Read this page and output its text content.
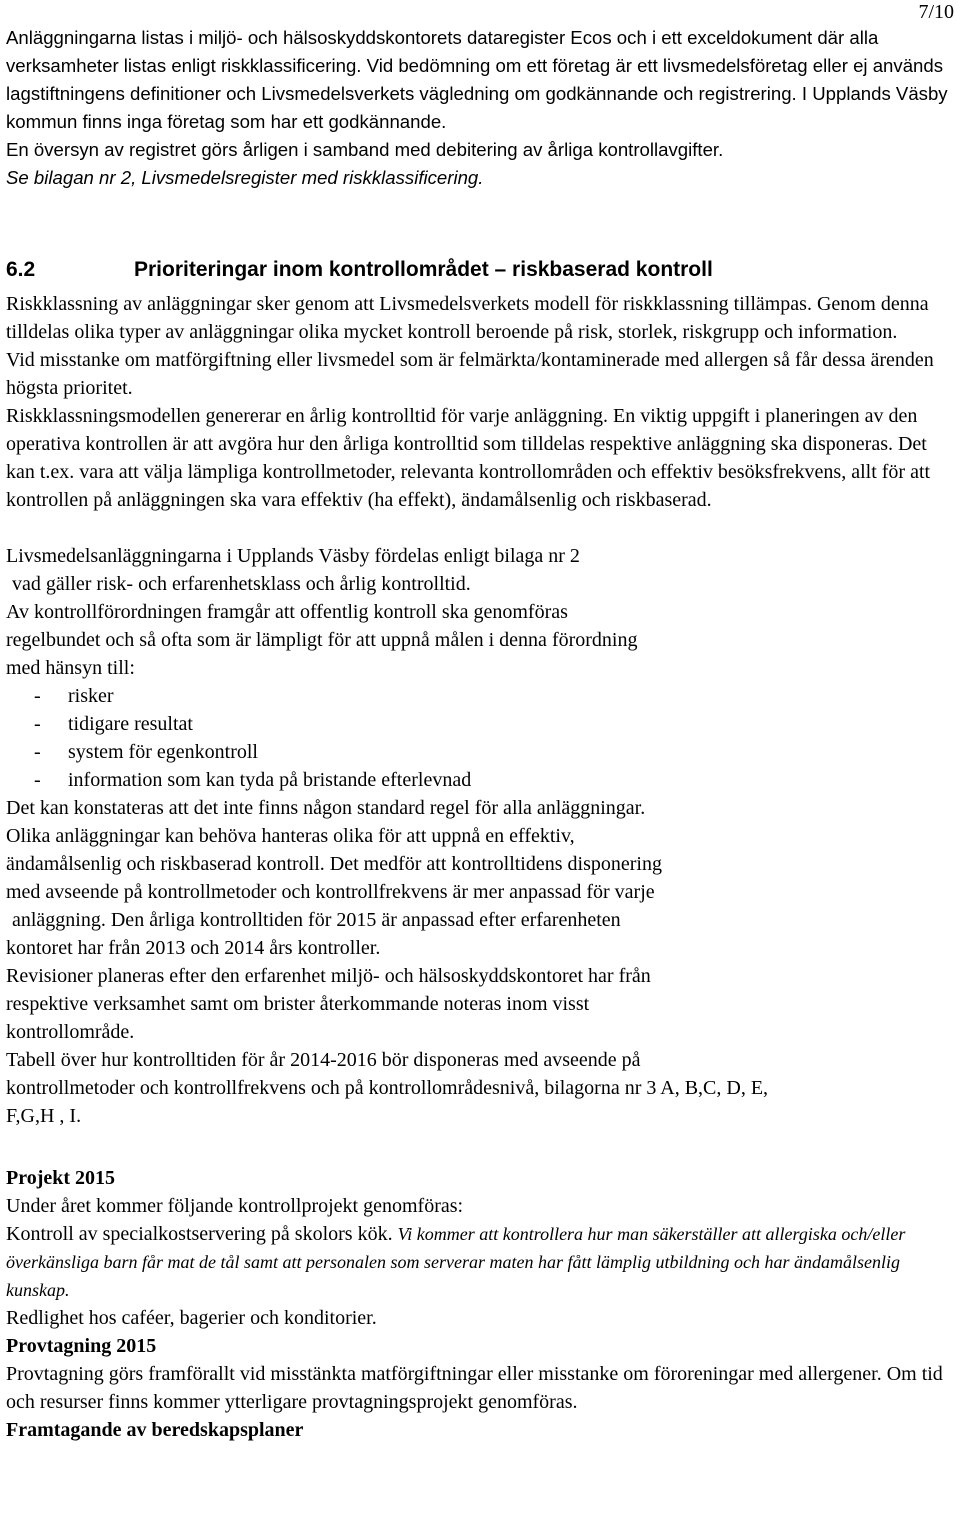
7/10

Anläggningarna listas i miljö- och hälsoskyddskontorets dataregister Ecos och i ett exceldokument där alla verksamheter listas enligt riskklassificering. Vid bedömning om ett företag är ett livsmedelsföretag eller ej används lagstiftningens definitioner och Livsmedelsverkets vägledning om godkännande och registrering. I Upplands Väsby kommun finns inga företag som har ett godkännande.

En översyn av registret görs årligen i samband med debitering av årliga kontrollavgifter.

Se bilagan nr 2, Livsmedelsregister med riskklassificering.

6.2	Prioriteringar inom kontrollområdet – riskbaserad kontroll

Riskklassning av anläggningar sker genom att Livsmedelsverkets modell för riskklassning tillämpas. Genom denna tilldelas olika typer av anläggningar olika mycket kontroll beroende på risk, storlek, riskgrupp och information.

Vid misstanke om matförgiftning eller livsmedel som är felmärkta/kontaminerade med allergen så får dessa ärenden högsta prioritet.

Riskklassningsmodellen genererar en årlig kontrolltid för varje anläggning. En viktig uppgift i planeringen av den operativa kontrollen är att avgöra hur den årliga kontrolltid som tilldelas respektive anläggning ska disponeras. Det kan t.ex. vara att välja lämpliga kontrollmetoder, relevanta kontrollområden och effektiv besöksfrekvens, allt för att kontrollen på anläggningen ska vara effektiv (ha effekt), ändamålsenlig och riskbaserad.

Livsmedelsanläggningarna i Upplands Väsby fördelas enligt bilaga nr 2

vad gäller risk- och erfarenhetsklass och årlig kontrolltid.

Av kontrollförordningen framgår att offentlig kontroll ska genomföras

regelbundet och så ofta som är lämpligt för att uppnå målen i denna förordning

med hänsyn till:

-	risker
-	tidigare resultat
-	system för egenkontroll
-	information som kan tyda på bristande efterlevnad

Det kan konstateras att det inte finns någon standard regel för alla anläggningar.

Olika anläggningar kan behöva hanteras olika för att uppnå en effektiv,

ändamålsenlig och riskbaserad kontroll. Det medför att kontrolltidens disponering

med avseende på kontrollmetoder och kontrollfrekvens är mer anpassad för varje

anläggning. Den årliga kontrolltiden för 2015 är anpassad efter erfarenheten

kontoret har från 2013 och 2014 års kontroller.

Revisioner planeras efter den erfarenhet miljö- och hälsoskyddskontoret har från

respektive verksamhet samt om brister återkommande noteras inom visst

kontrollområde.

Tabell över hur kontrolltiden för år 2014-2016 bör disponeras med avseende på

kontrollmetoder och kontrollfrekvens och på kontrollområdesnivå, bilagorna nr 3 A, B,C, D, E,

F,G,H , I.

Projekt 2015

Under året kommer följande kontrollprojekt genomföras:

Kontroll av specialkostservering på skolors kök. Vi kommer att kontrollera hur man säkerställer att allergiska och/eller överkänsliga barn får mat de tål samt att personalen som serverar maten har fått lämplig utbildning och har ändamålsenlig kunskap.

Redlighet hos caféer, bagerier och konditorier.

Provtagning 2015

Provtagning görs framförallt vid misstänkta matförgiftningar eller misstanke om föroreningar med allergener. Om tid och resurser finns kommer ytterligare provtagningsprojekt genomföras.

Framtagande av beredskapsplaner
